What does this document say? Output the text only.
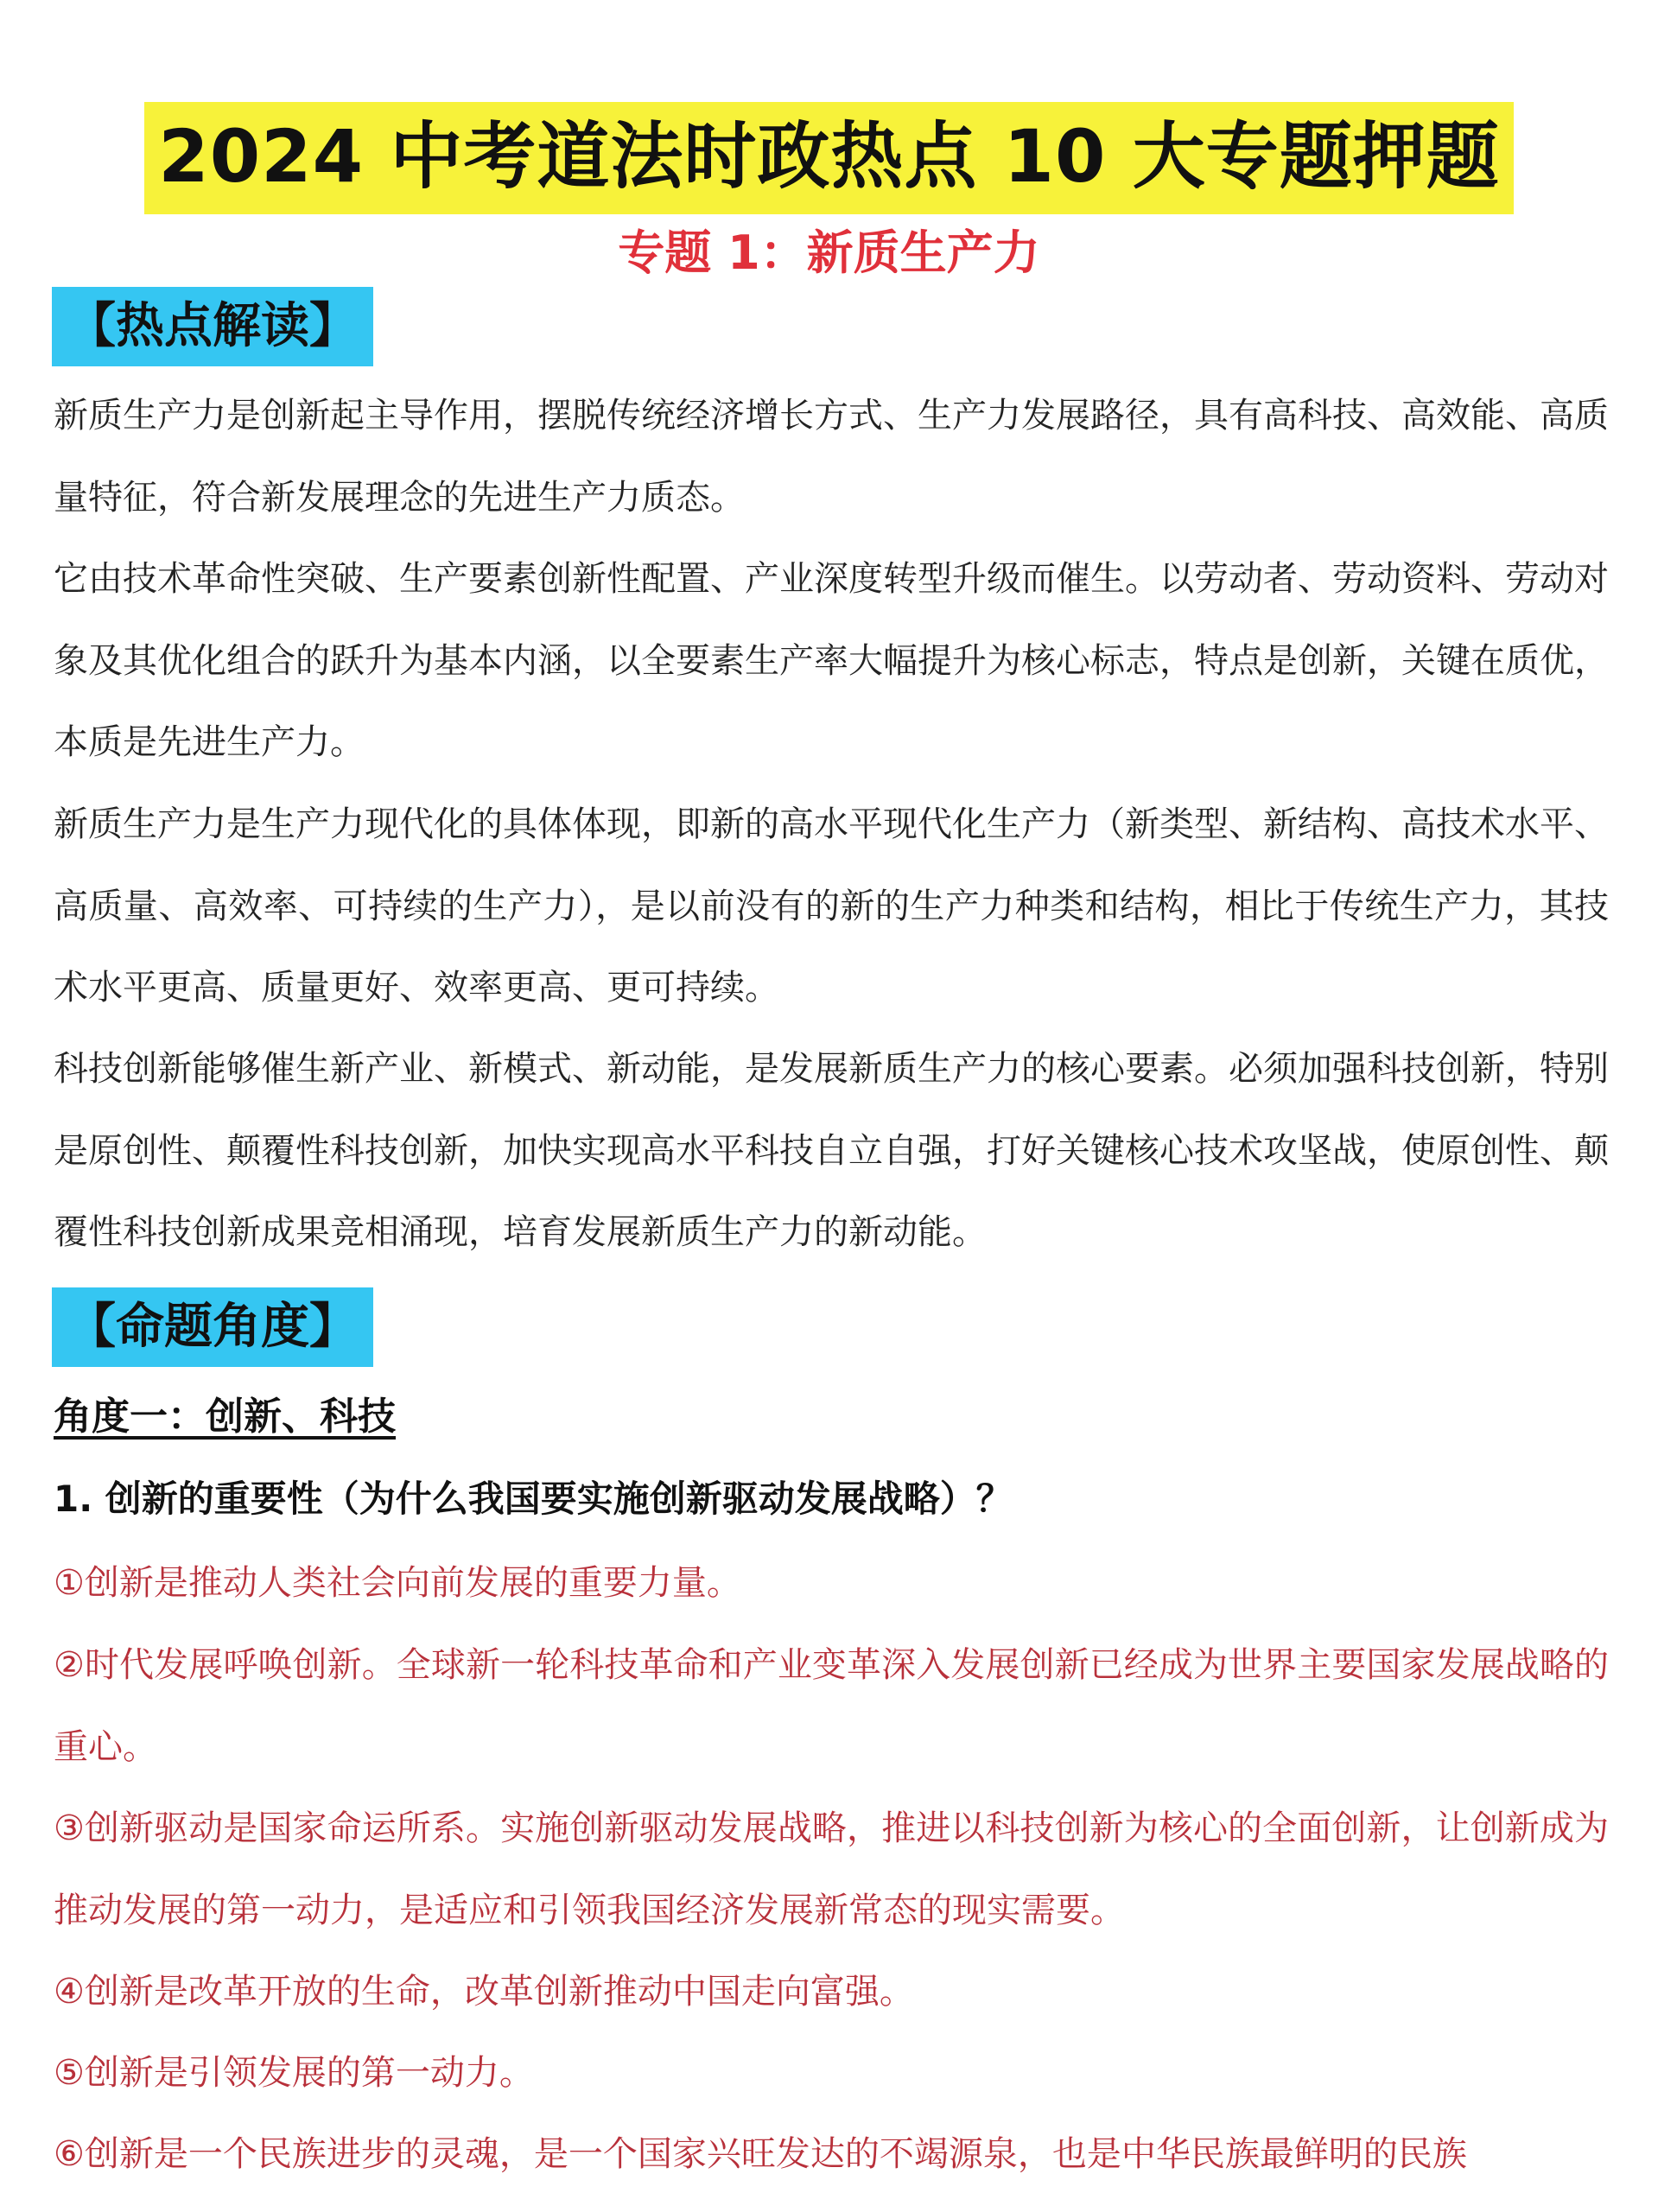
2024 中考道法时政热点 10 大专题押题
专题 1：新质生产力
【热点解读】

新质生产力是创新起主导作用，摆脱传统经济增长方式、生产力发展路径，具有高科技、高效能、高质量特征，符合新发展理念的先进生产力质态。

它由技术革命性突破、生产要素创新性配置、产业深度转型升级而催生。以劳动者、劳动资料、劳动对象及其优化组合的跃升为基本内涵，以全要素生产率大幅提升为核心标志，特点是创新，关键在质优，本质是先进生产力。

新质生产力是生产力现代化的具体体现，即新的高水平现代化生产力（新类型、新结构、高技术水平、高质量、高效率、可持续的生产力），是以前没有的新的生产力种类和结构，相比于传统生产力，其技术水平更高、质量更好、效率更高、更可持续。

科技创新能够催生新产业、新模式、新动能，是发展新质生产力的核心要素。必须加强科技创新，特别是原创性、颠覆性科技创新，加快实现高水平科技自立自强，打好关键核心技术攻坚战，使原创性、颠覆性科技创新成果竞相涌现，培育发展新质生产力的新动能。

【命题角度】
角度一：创新、科技
1. 创新的重要性（为什么我国要实施创新驱动发展战略）？

①创新是推动人类社会向前发展的重要力量。

②时代发展呼唤创新。全球新一轮科技革命和产业变革深入发展创新已经成为世界主要国家发展战略的重心。

③创新驱动是国家命运所系。实施创新驱动发展战略，推进以科技创新为核心的全面创新，让创新成为推动发展的第一动力，是适应和引领我国经济发展新常态的现实需要。

④创新是改革开放的生命，改革创新推动中国走向富强。

⑤创新是引领发展的第一动力。

⑥创新是一个民族进步的灵魂，是一个国家兴旺发达的不竭源泉，也是中华民族最鲜明的民族
